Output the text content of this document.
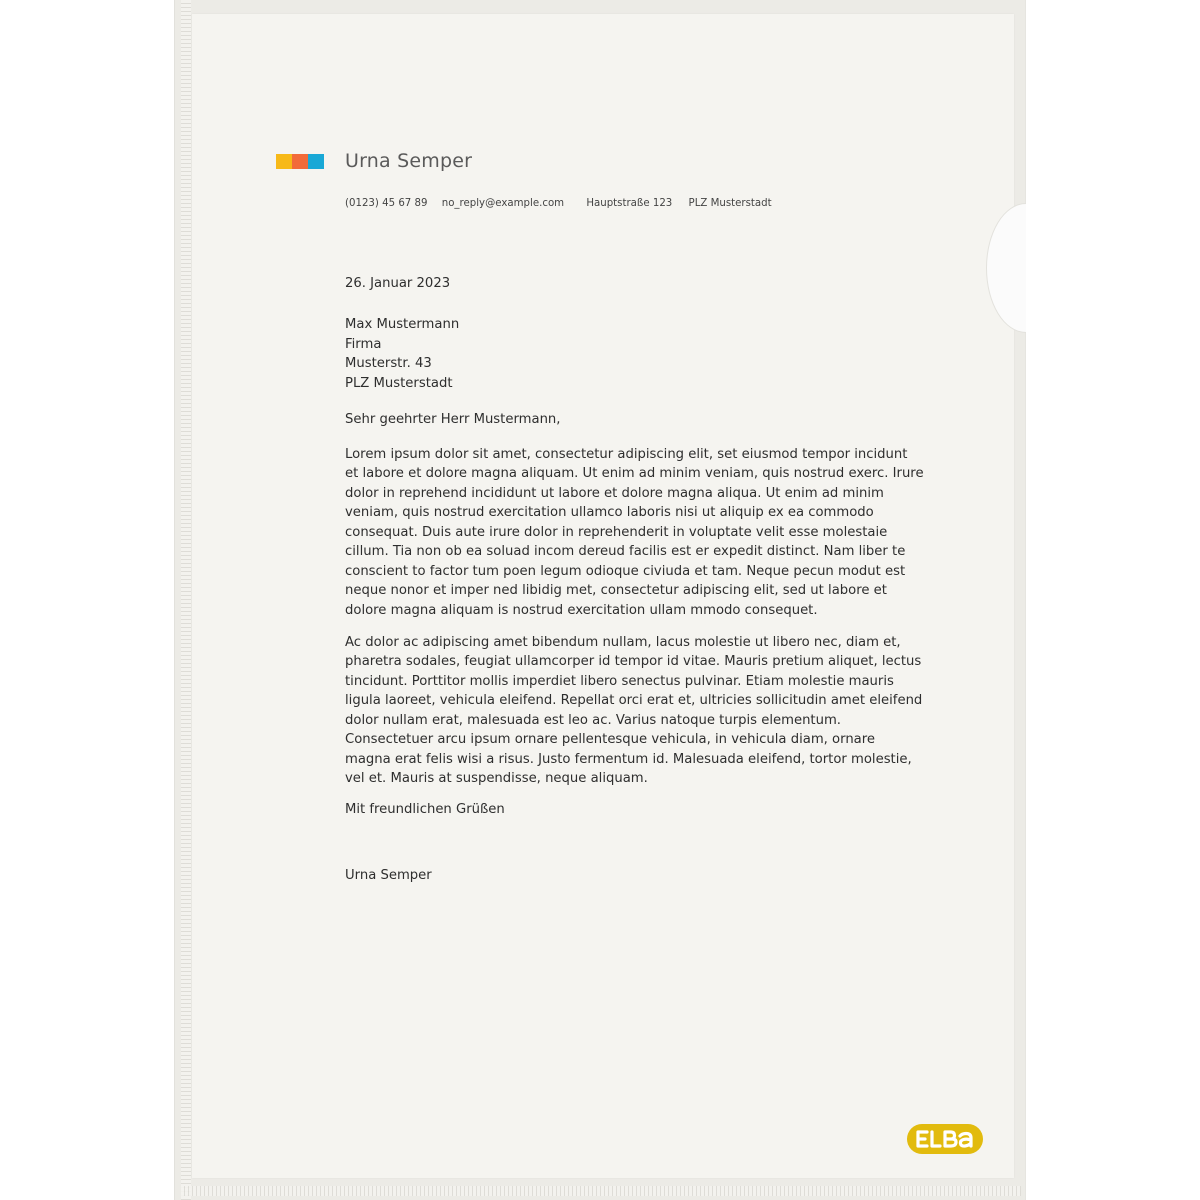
Urna Semper
(0123) 45 67 89 no_reply@example.com Hauptstraße 123 PLZ Musterstadt
26. Januar 2023
Max Mustermann
Firma
Musterstr. 43
PLZ Musterstadt
Sehr geehrter Herr Mustermann,

Lorem ipsum dolor sit amet, consectetur adipiscing elit, set eiusmod tempor incidunt
et labore et dolore magna aliquam. Ut enim ad minim veniam, quis nostrud exerc. Irure
dolor in reprehend incididunt ut labore et dolore magna aliqua. Ut enim ad minim
veniam, quis nostrud exercitation ullamco laboris nisi ut aliquip ex ea commodo
consequat. Duis aute irure dolor in reprehenderit in voluptate velit esse molestaie
cillum. Tia non ob ea soluad incom dereud facilis est er expedit distinct. Nam liber te
conscient to factor tum poen legum odioque civiuda et tam. Neque pecun modut est
neque nonor et imper ned libidig met, consectetur adipiscing elit, sed ut labore et
dolore magna aliquam is nostrud exercitation ullam mmodo consequet.

Ac dolor ac adipiscing amet bibendum nullam, lacus molestie ut libero nec, diam et,
pharetra sodales, feugiat ullamcorper id tempor id vitae. Mauris pretium aliquet, lectus
tincidunt. Porttitor mollis imperdiet libero senectus pulvinar. Etiam molestie mauris
ligula laoreet, vehicula eleifend. Repellat orci erat et, ultricies sollicitudin amet eleifend
dolor nullam erat, malesuada est leo ac. Varius natoque turpis elementum.
Consectetuer arcu ipsum ornare pellentesque vehicula, in vehicula diam, ornare
magna erat felis wisi a risus. Justo fermentum id. Malesuada eleifend, tortor molestie,
vel et. Mauris at suspendisse, neque aliquam.

Mit freundlichen Grüßen
Urna Semper
